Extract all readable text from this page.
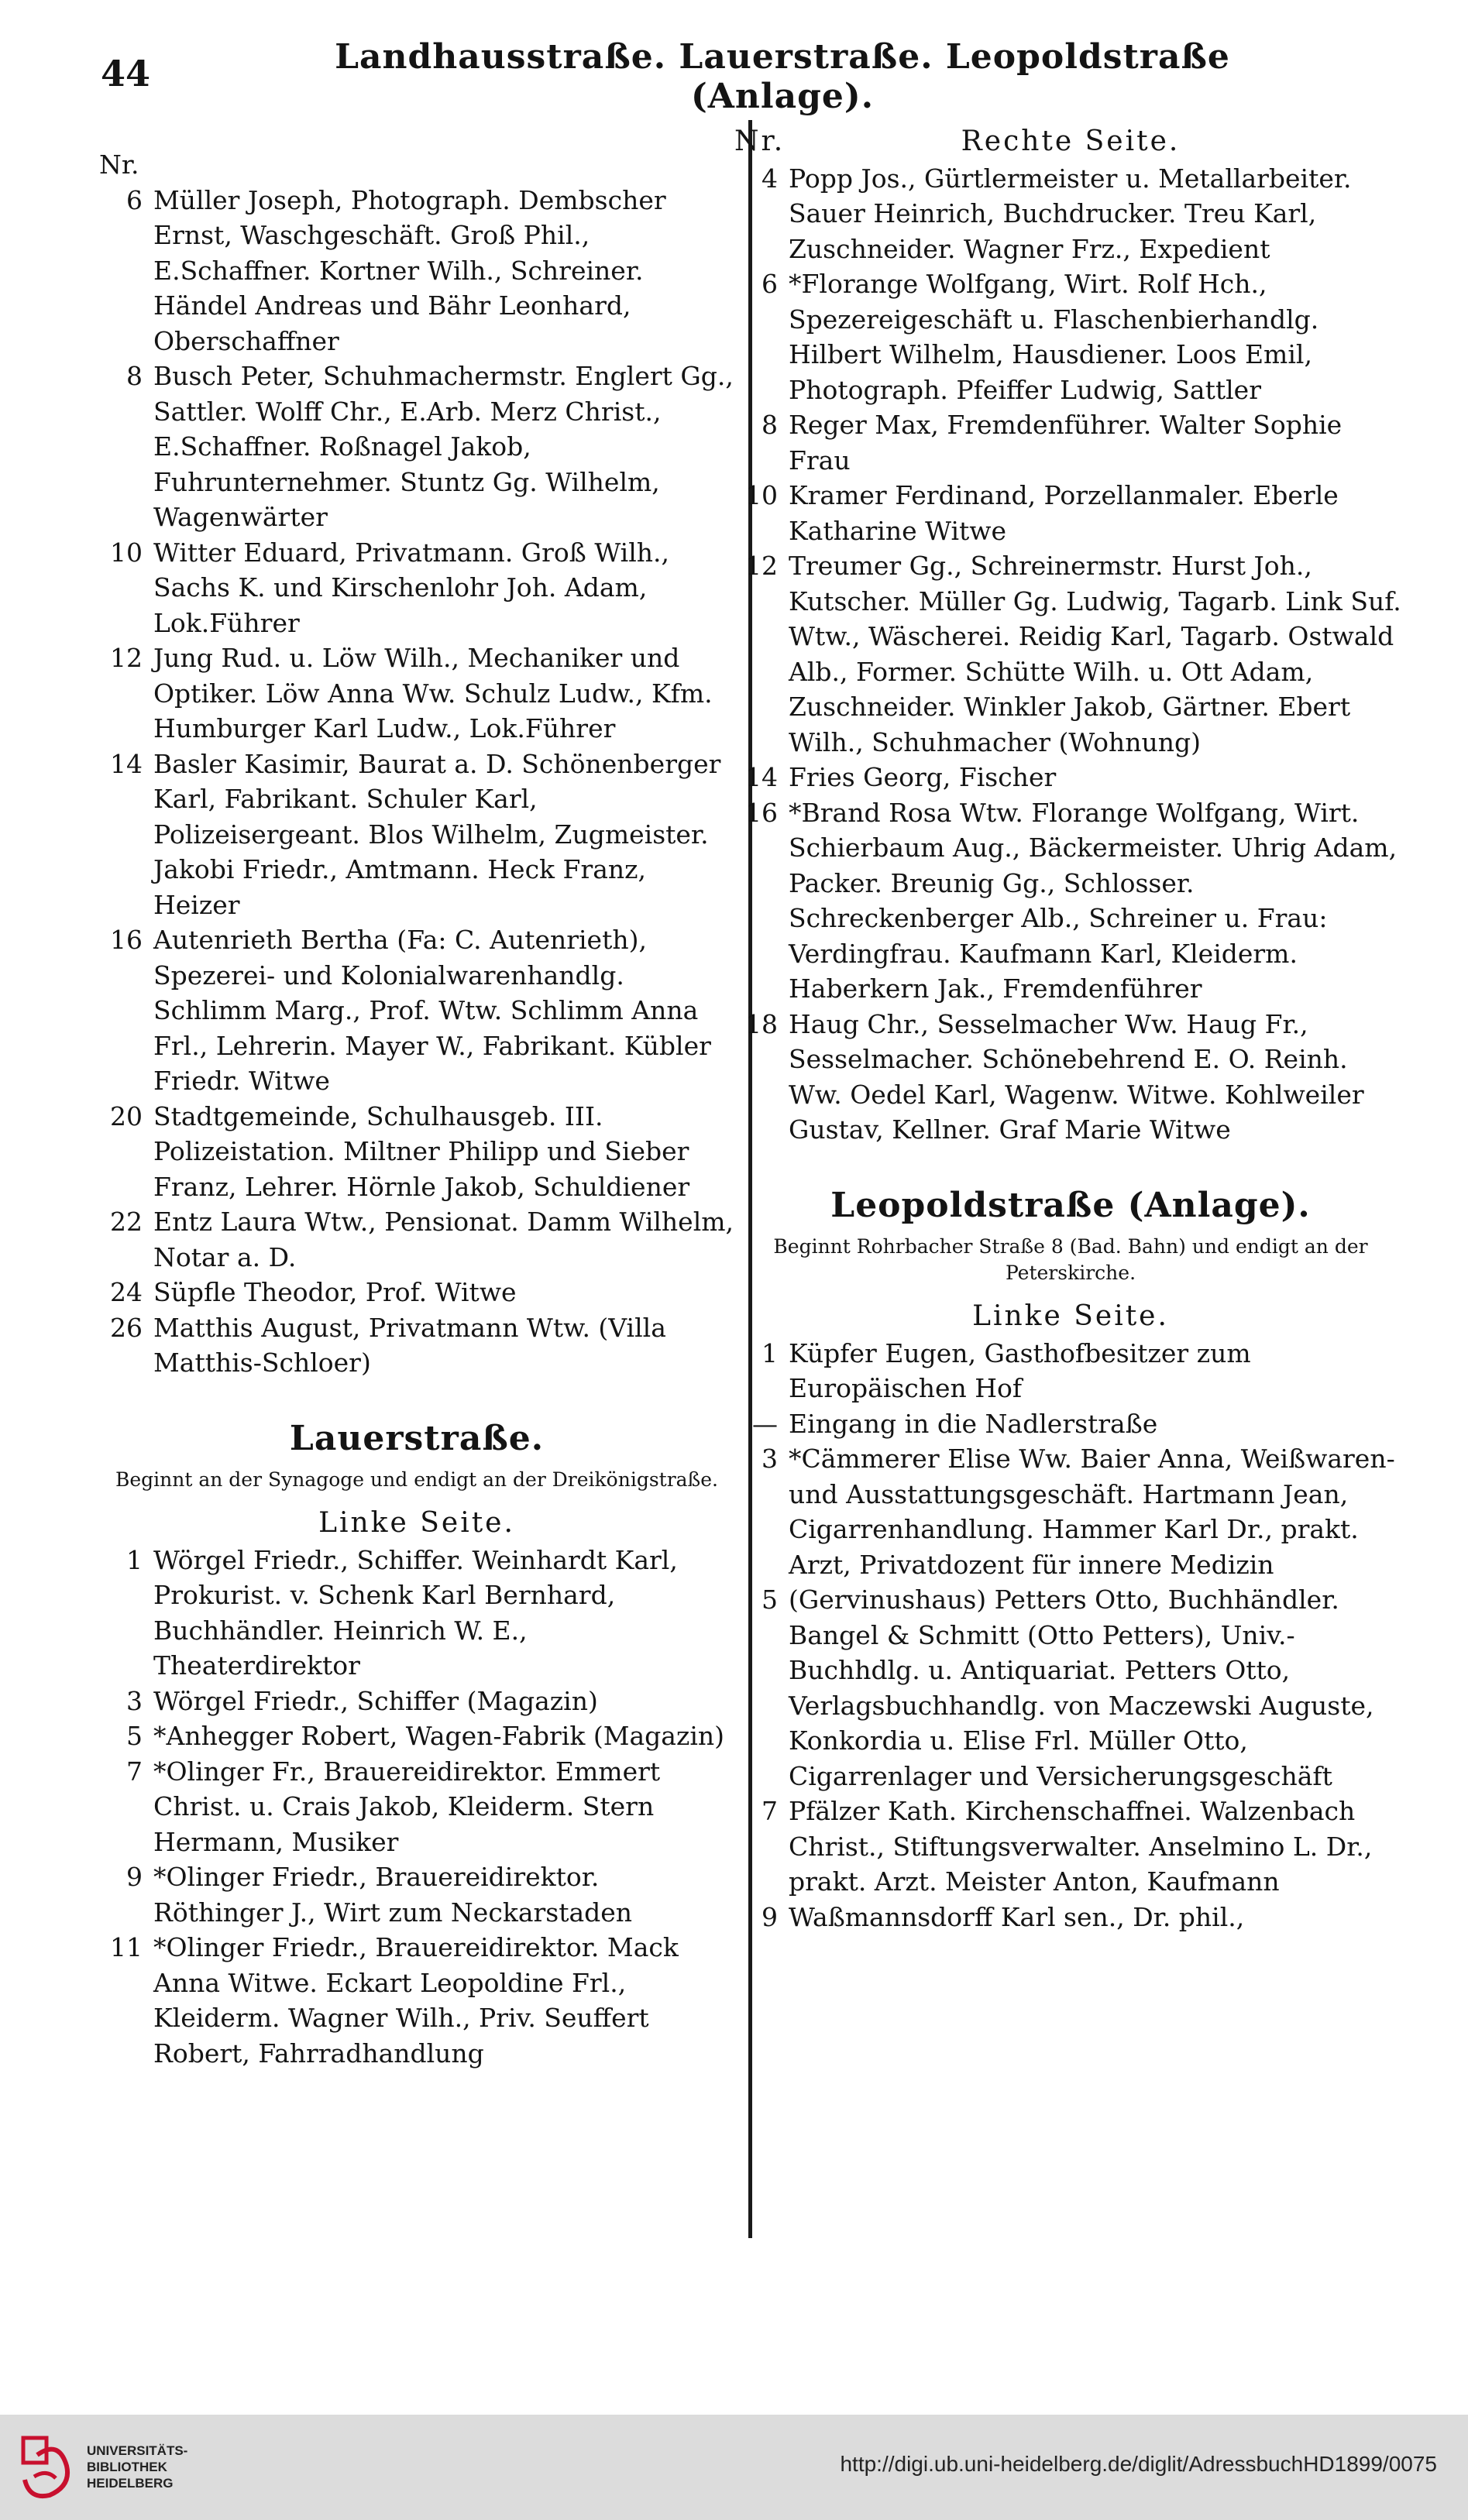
44	Landhausstraße. Lauerstraße. Leopoldstraße (Anlage).
Nr.
6 Müller Joseph, Photograph. Dembscher Ernst, Waschgeschäft. Groß Phil., E.Schaffner. Kortner Wilh., Schreiner. Händel Andreas und Bähr Leonhard, Oberschaffner
8 Busch Peter, Schuhmachermstr. Englert Gg., Sattler. Wolff Chr., E.Arb. Merz Christ., E.Schaffner. Roßnagel Jakob, Fuhrunternehmer. Stuntz Gg. Wilhelm, Wagenwärter
10 Witter Eduard, Privatmann. Groß Wilh., Sachs K. und Kirschenlohr Joh. Adam, Lok.Führer
12 Jung Rud. u. Löw Wilh., Mechaniker und Optiker. Löw Anna Ww. Schulz Ludw., Kfm. Humburger Karl Ludw., Lok.Führer
14 Basler Kasimir, Baurat a. D. Schönenberger Karl, Fabrikant. Schuler Karl, Polizeisergeant. Blos Wilhelm, Zugmeister. Jakobi Friedr., Amtmann. Heck Franz, Heizer
16 Autenrieth Bertha (Fa: C. Autenrieth), Spezerei- und Kolonialwarenhandlg. Schlimm Marg., Prof. Wtw. Schlimm Anna Frl., Lehrerin. Mayer W., Fabrikant. Kübler Friedr. Witwe
20 Stadtgemeinde, Schulhausgeb. III. Polizeistation. Miltner Philipp und Sieber Franz, Lehrer. Hörnle Jakob, Schuldiener
22 Entz Laura Wtw., Pensionat. Damm Wilhelm, Notar a. D.
24 Süpfle Theodor, Prof. Witwe
26 Matthis August, Privatmann Wtw. (Villa Matthis-Schloer)
Lauerstraße.
Beginnt an der Synagoge und endigt an der Dreikönigstraße.
Linke Seite.
1 Wörgel Friedr., Schiffer. Weinhardt Karl, Prokurist. v. Schenk Karl Bernhard, Buchhändler. Heinrich W. E., Theaterdirektor
3 Wörgel Friedr., Schiffer (Magazin)
5 *Anhegger Robert, Wagen-Fabrik (Magazin)
7 *Olinger Fr., Brauereidirektor. Emmert Christ. u. Crais Jakob, Kleiderm. Stern Hermann, Musiker
9 *Olinger Friedr., Brauereidirektor. Röthinger J., Wirt zum Neckarstaden
11 *Olinger Friedr., Brauereidirektor. Mack Anna Witwe. Eckart Leopoldine Frl., Kleiderm. Wagner Wilh., Priv. Seuffert Robert, Fahrradhandlung
Nr.	Rechte Seite.
4 Popp Jos., Gürtlermeister u. Metallarbeiter. Sauer Heinrich, Buchdrucker. Treu Karl, Zuschneider. Wagner Frz., Expedient
6 *Florange Wolfgang, Wirt. Rolf Hch., Spezereigeschäft u. Flaschenbierhandlg. Hilbert Wilhelm, Hausdiener. Loos Emil, Photograph. Pfeiffer Ludwig, Sattler
8 Reger Max, Fremdenführer. Walter Sophie Frau
10 Kramer Ferdinand, Porzellanmaler. Eberle Katharine Witwe
12 Treumer Gg., Schreinermstr. Hurst Joh., Kutscher. Müller Gg. Ludwig, Tagarb. Link Suf. Wtw., Wäscherei. Reidig Karl, Tagarb. Ostwald Alb., Former. Schütte Wilh. u. Ott Adam, Zuschneider. Winkler Jakob, Gärtner. Ebert Wilh., Schuhmacher (Wohnung)
14 Fries Georg, Fischer
16 *Brand Rosa Wtw. Florange Wolfgang, Wirt. Schierbaum Aug., Bäckermeister. Uhrig Adam, Packer. Breunig Gg., Schlosser. Schreckenberger Alb., Schreiner u. Frau: Verdingfrau. Kaufmann Karl, Kleiderm. Haberkern Jak., Fremdenführer
18 Haug Chr., Sesselmacher Ww. Haug Fr., Sesselmacher. Schönebehrend E. O. Reinh. Ww. Oedel Karl, Wagenw. Witwe. Kohlweiler Gustav, Kellner. Graf Marie Witwe
Leopoldstraße (Anlage).
Beginnt Rohrbacher Straße 8 (Bad. Bahn) und endigt an der Peterskirche.
Linke Seite.
1 Küpfer Eugen, Gasthofbesitzer zum Europäischen Hof
— Eingang in die Nadlerstraße
3 *Cämmerer Elise Ww. Baier Anna, Weißwaren- und Ausstattungsgeschäft. Hartmann Jean, Cigarrenhandlung. Hammer Karl Dr., prakt. Arzt, Privatdozent für innere Medizin
5 (Gervinushaus) Petters Otto, Buchhändler. Bangel & Schmitt (Otto Petters), Univ.-Buchhdlg. u. Antiquariat. Petters Otto, Verlagsbuchhandlg. von Maczewski Auguste, Konkordia u. Elise Frl. Müller Otto, Cigarrenlager und Versicherungsgeschäft
7 Pfälzer Kath. Kirchenschaffnei. Walzenbach Christ., Stiftungsverwalter. Anselmino L. Dr., prakt. Arzt. Meister Anton, Kaufmann
9 Waßmannsdorff Karl sen., Dr. phil.,
UNIVERSITÄTS-
BIBLIOTHEK
HEIDELBERG
http://digi.ub.uni-heidelberg.de/diglit/AdressbuchHD1899/0075
